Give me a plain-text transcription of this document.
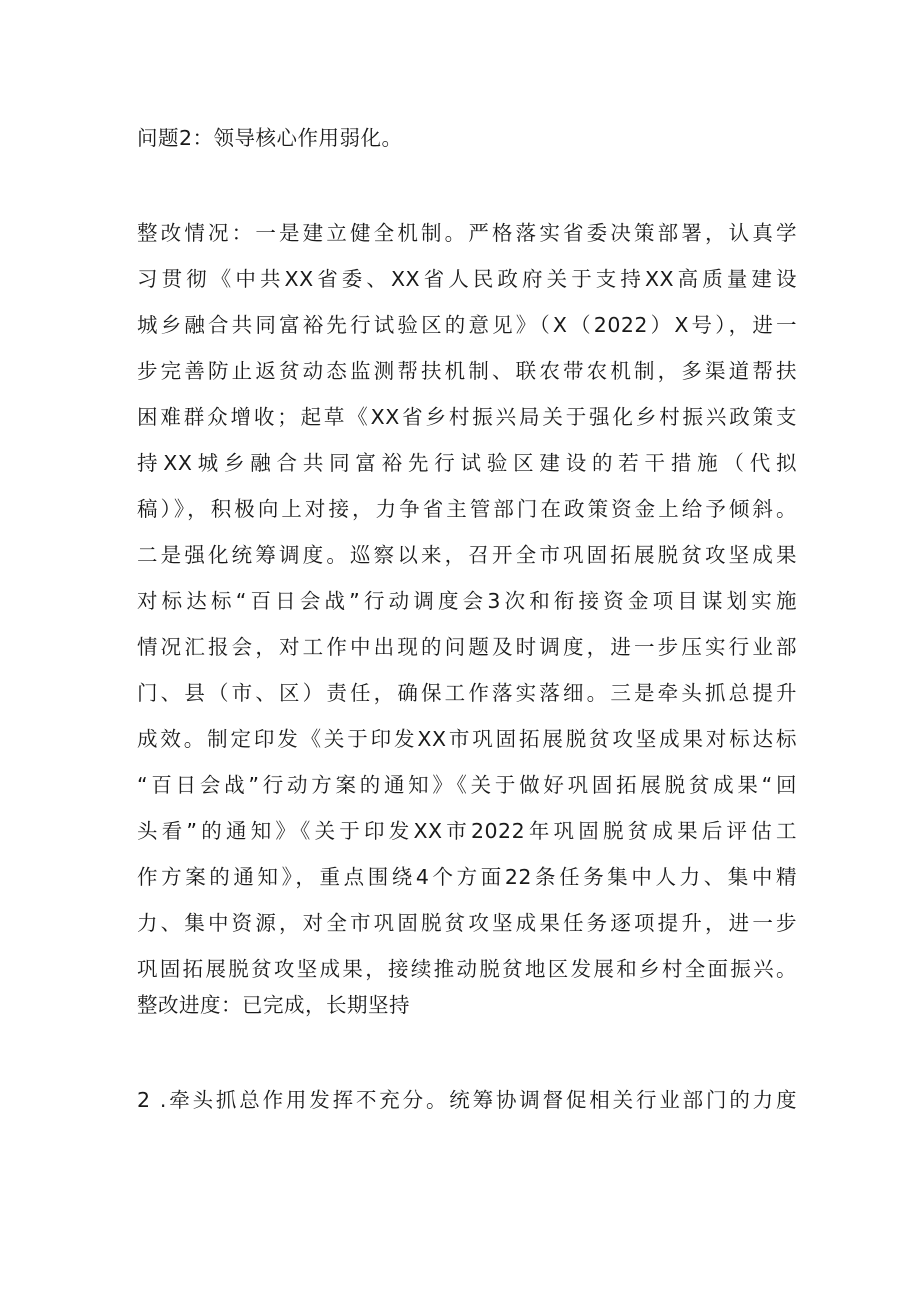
问题2：领导核心作用弱化。
整改情况：一是建立健全机制。严格落实省委决策部署，认真学
习贯彻《中共XX省委、XX省人民政府关于支持XX高质量建设
城乡融合共同富裕先行试验区的意见》（X（2022）X号），进一
步完善防止返贫动态监测帮扶机制、联农带农机制，多渠道帮扶
困难群众增收；起草《XX省乡村振兴局关于强化乡村振兴政策支
持XX城乡融合共同富裕先行试验区建设的若干措施（代拟
稿）》，积极向上对接，力争省主管部门在政策资金上给予倾斜。
二是强化统筹调度。巡察以来，召开全市巩固拓展脱贫攻坚成果
对标达标“百日会战”行动调度会3次和衔接资金项目谋划实施
情况汇报会，对工作中出现的问题及时调度，进一步压实行业部
门、县（市、区）责任，确保工作落实落细。三是牵头抓总提升
成效。制定印发《关于印发XX市巩固拓展脱贫攻坚成果对标达标
“百日会战”行动方案的通知》《关于做好巩固拓展脱贫成果“回
头看”的通知》《关于印发XX市2022年巩固脱贫成果后评估工
作方案的通知》，重点围绕4个方面22条任务集中人力、集中精
力、集中资源，对全市巩固脱贫攻坚成果任务逐项提升，进一步
巩固拓展脱贫攻坚成果，接续推动脱贫地区发展和乡村全面振兴。
整改进度：已完成，长期坚持
2 .牵头抓总作用发挥不充分。统筹协调督促相关行业部门的力度
